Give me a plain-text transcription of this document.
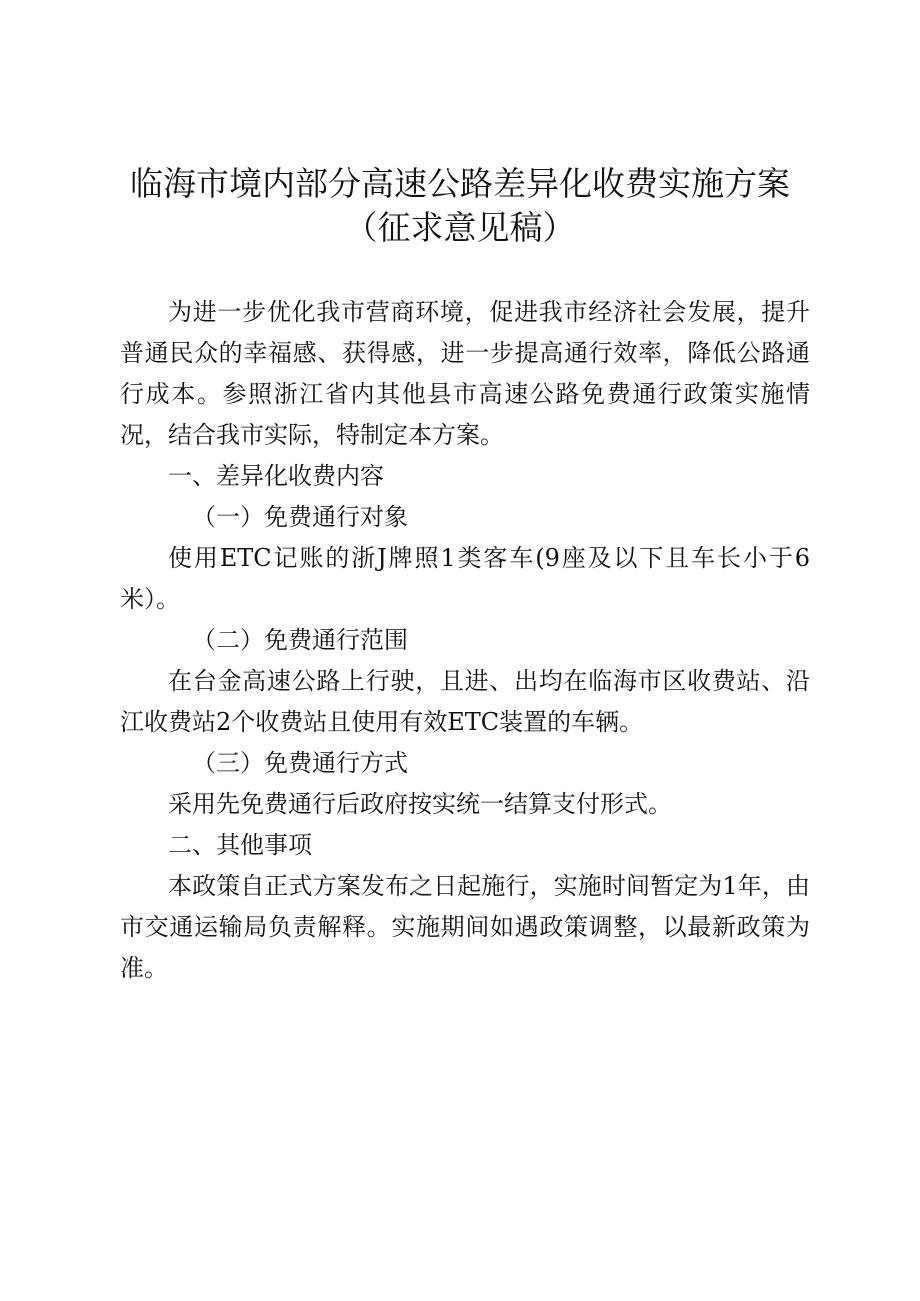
临海市境内部分高速公路差异化收费实施方案
（征求意见稿）

为进一步优化我市营商环境，促进我市经济社会发展，提升普通民众的幸福感、获得感，进一步提高通行效率，降低公路通行成本。参照浙江省内其他县市高速公路免费通行政策实施情况，结合我市实际，特制定本方案。

一、差异化收费内容

（一）免费通行对象

使用ETC记账的浙J牌照1类客车(9座及以下且车长小于6米）。

（二）免费通行范围

在台金高速公路上行驶，且进、出均在临海市区收费站、沿江收费站2个收费站且使用有效ETC装置的车辆。

（三）免费通行方式

采用先免费通行后政府按实统一结算支付形式。

二、其他事项

本政策自正式方案发布之日起施行，实施时间暂定为1年，由市交通运输局负责解释。实施期间如遇政策调整，以最新政策为准。
